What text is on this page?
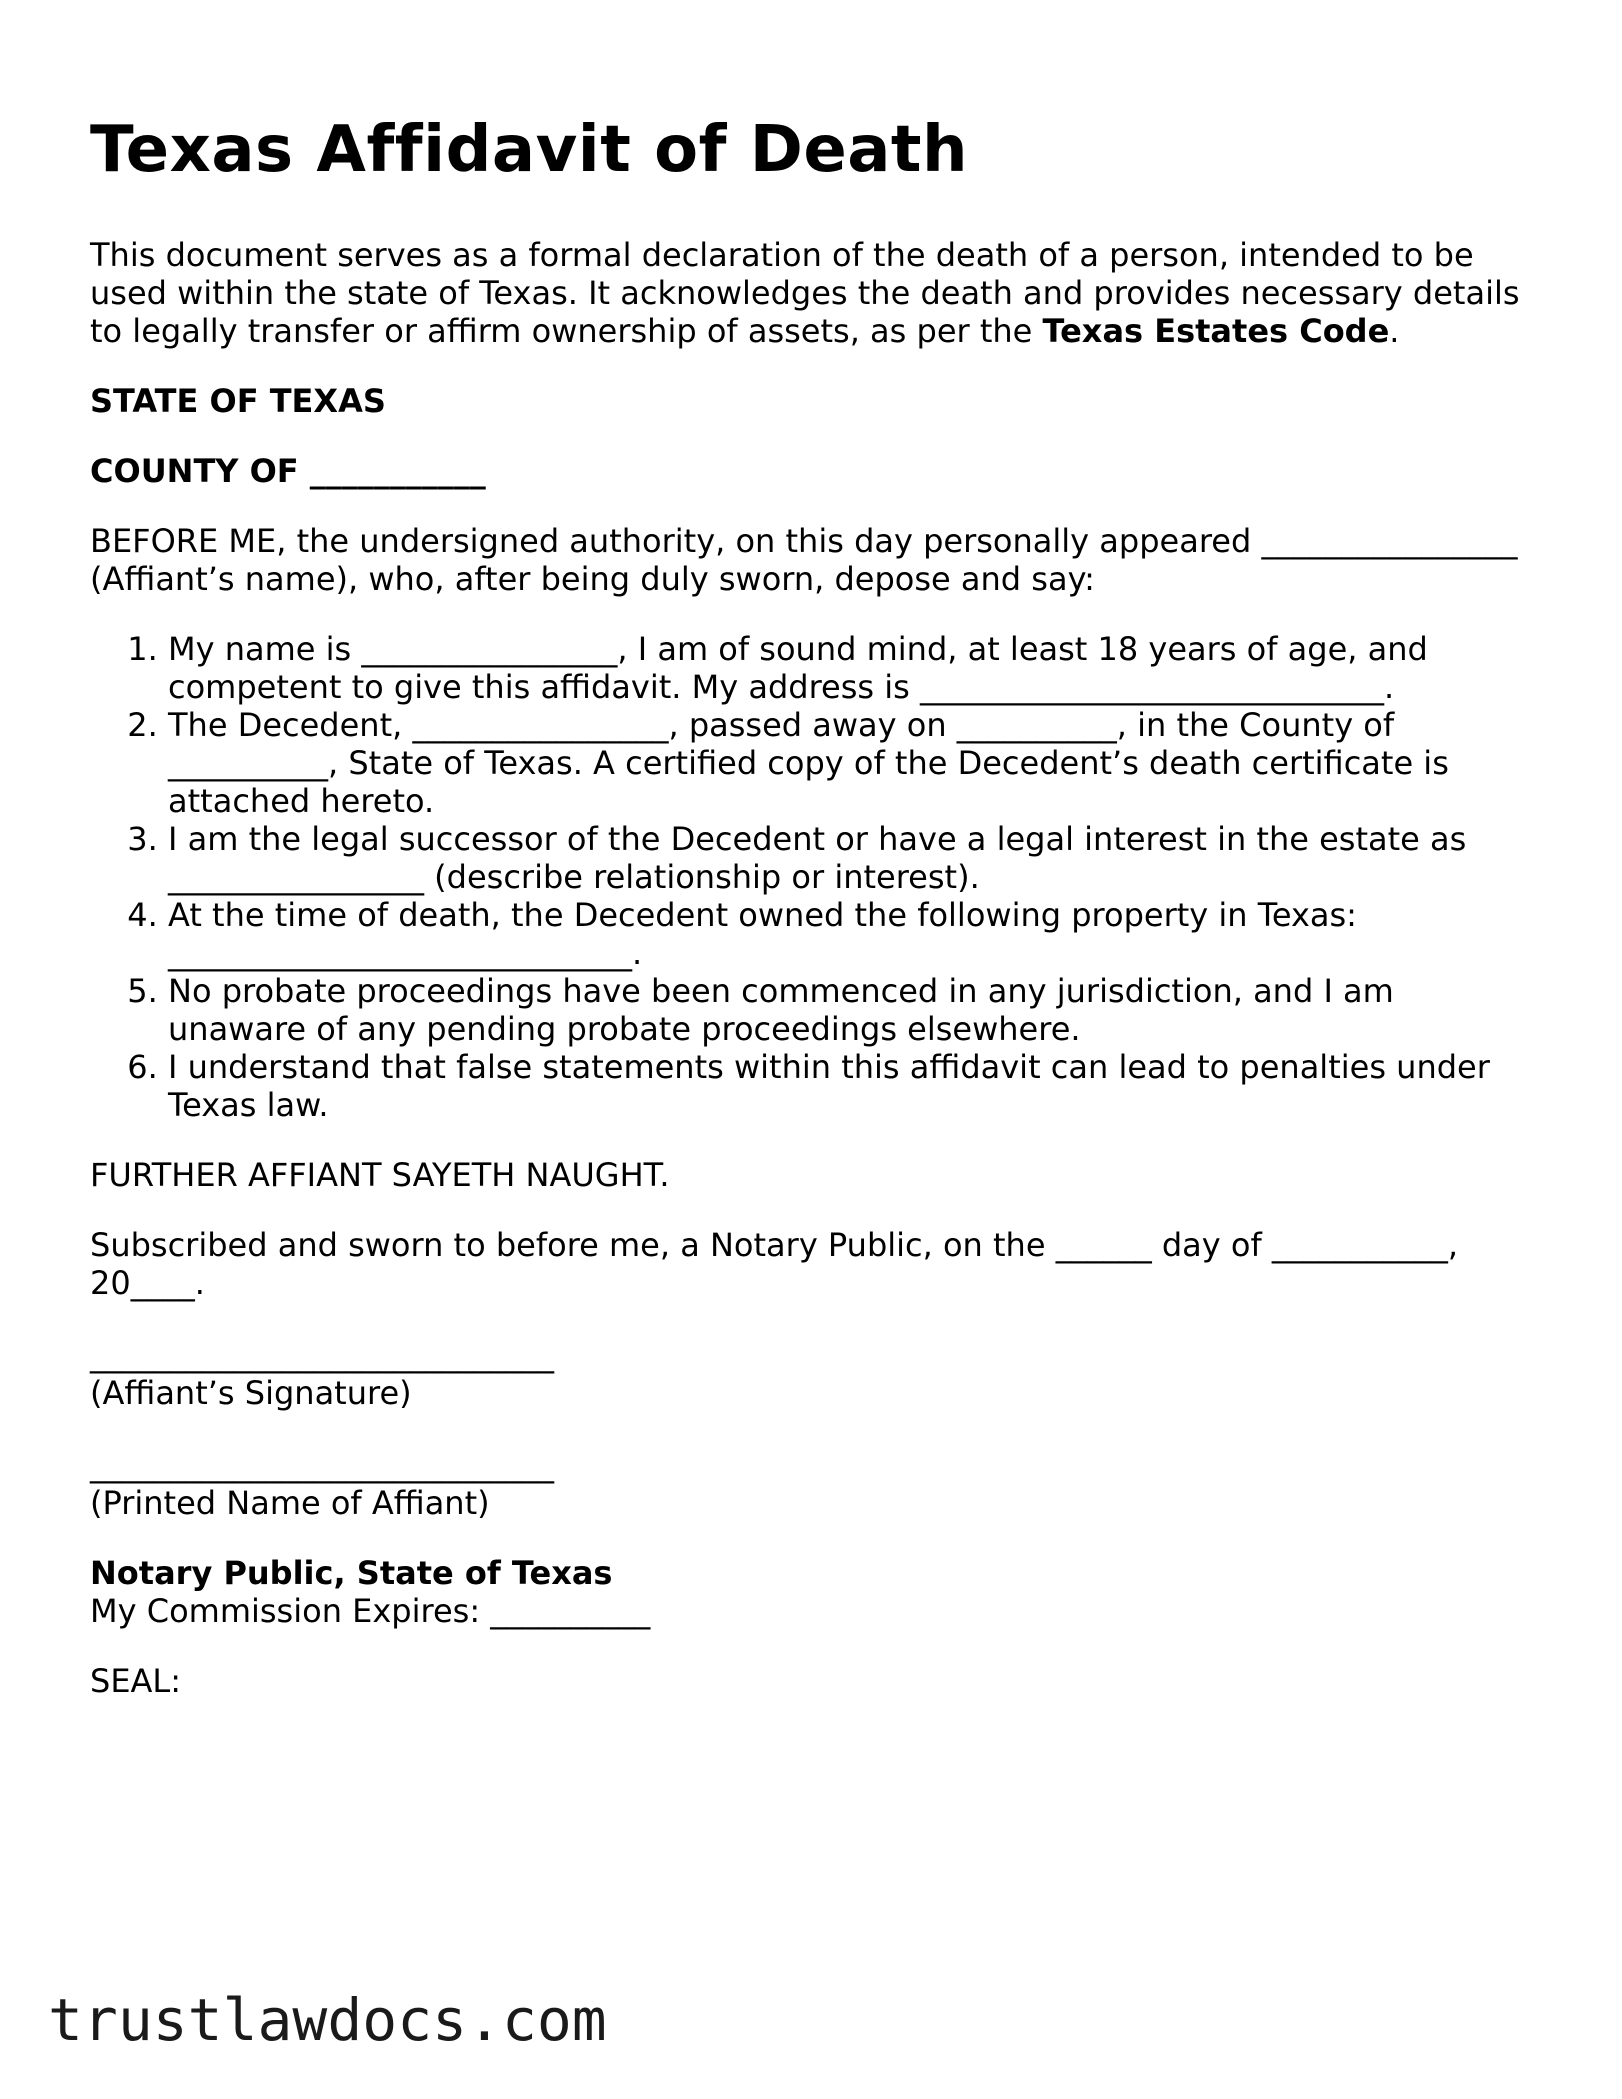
Texas Affidavit of Death

This document serves as a formal declaration of the death of a person, intended to be used within the state of Texas. It acknowledges the death and provides necessary details to legally transfer or affirm ownership of assets, as per the Texas Estates Code.

STATE OF TEXAS

COUNTY OF ___________

BEFORE ME, the undersigned authority, on this day personally appeared ________________ (Affiant’s name), who, after being duly sworn, depose and say:

1. My name is ________________, I am of sound mind, at least 18 years of age, and competent to give this affidavit. My address is _____________________________.
2. The Decedent, ________________, passed away on __________, in the County of __________, State of Texas. A certified copy of the Decedent’s death certificate is attached hereto.
3. I am the legal successor of the Decedent or have a legal interest in the estate as ________________ (describe relationship or interest).
4. At the time of death, the Decedent owned the following property in Texas: _____________________________.
5. No probate proceedings have been commenced in any jurisdiction, and I am unaware of any pending probate proceedings elsewhere.
6. I understand that false statements within this affidavit can lead to penalties under Texas law.

FURTHER AFFIANT SAYETH NAUGHT.

Subscribed and sworn to before me, a Notary Public, on the ______ day of ___________, 20____.

_____________________________

(Affiant’s Signature)

_____________________________

(Printed Name of Affiant)

Notary Public, State of Texas

My Commission Expires: __________

SEAL:

trustlawdocs.com
